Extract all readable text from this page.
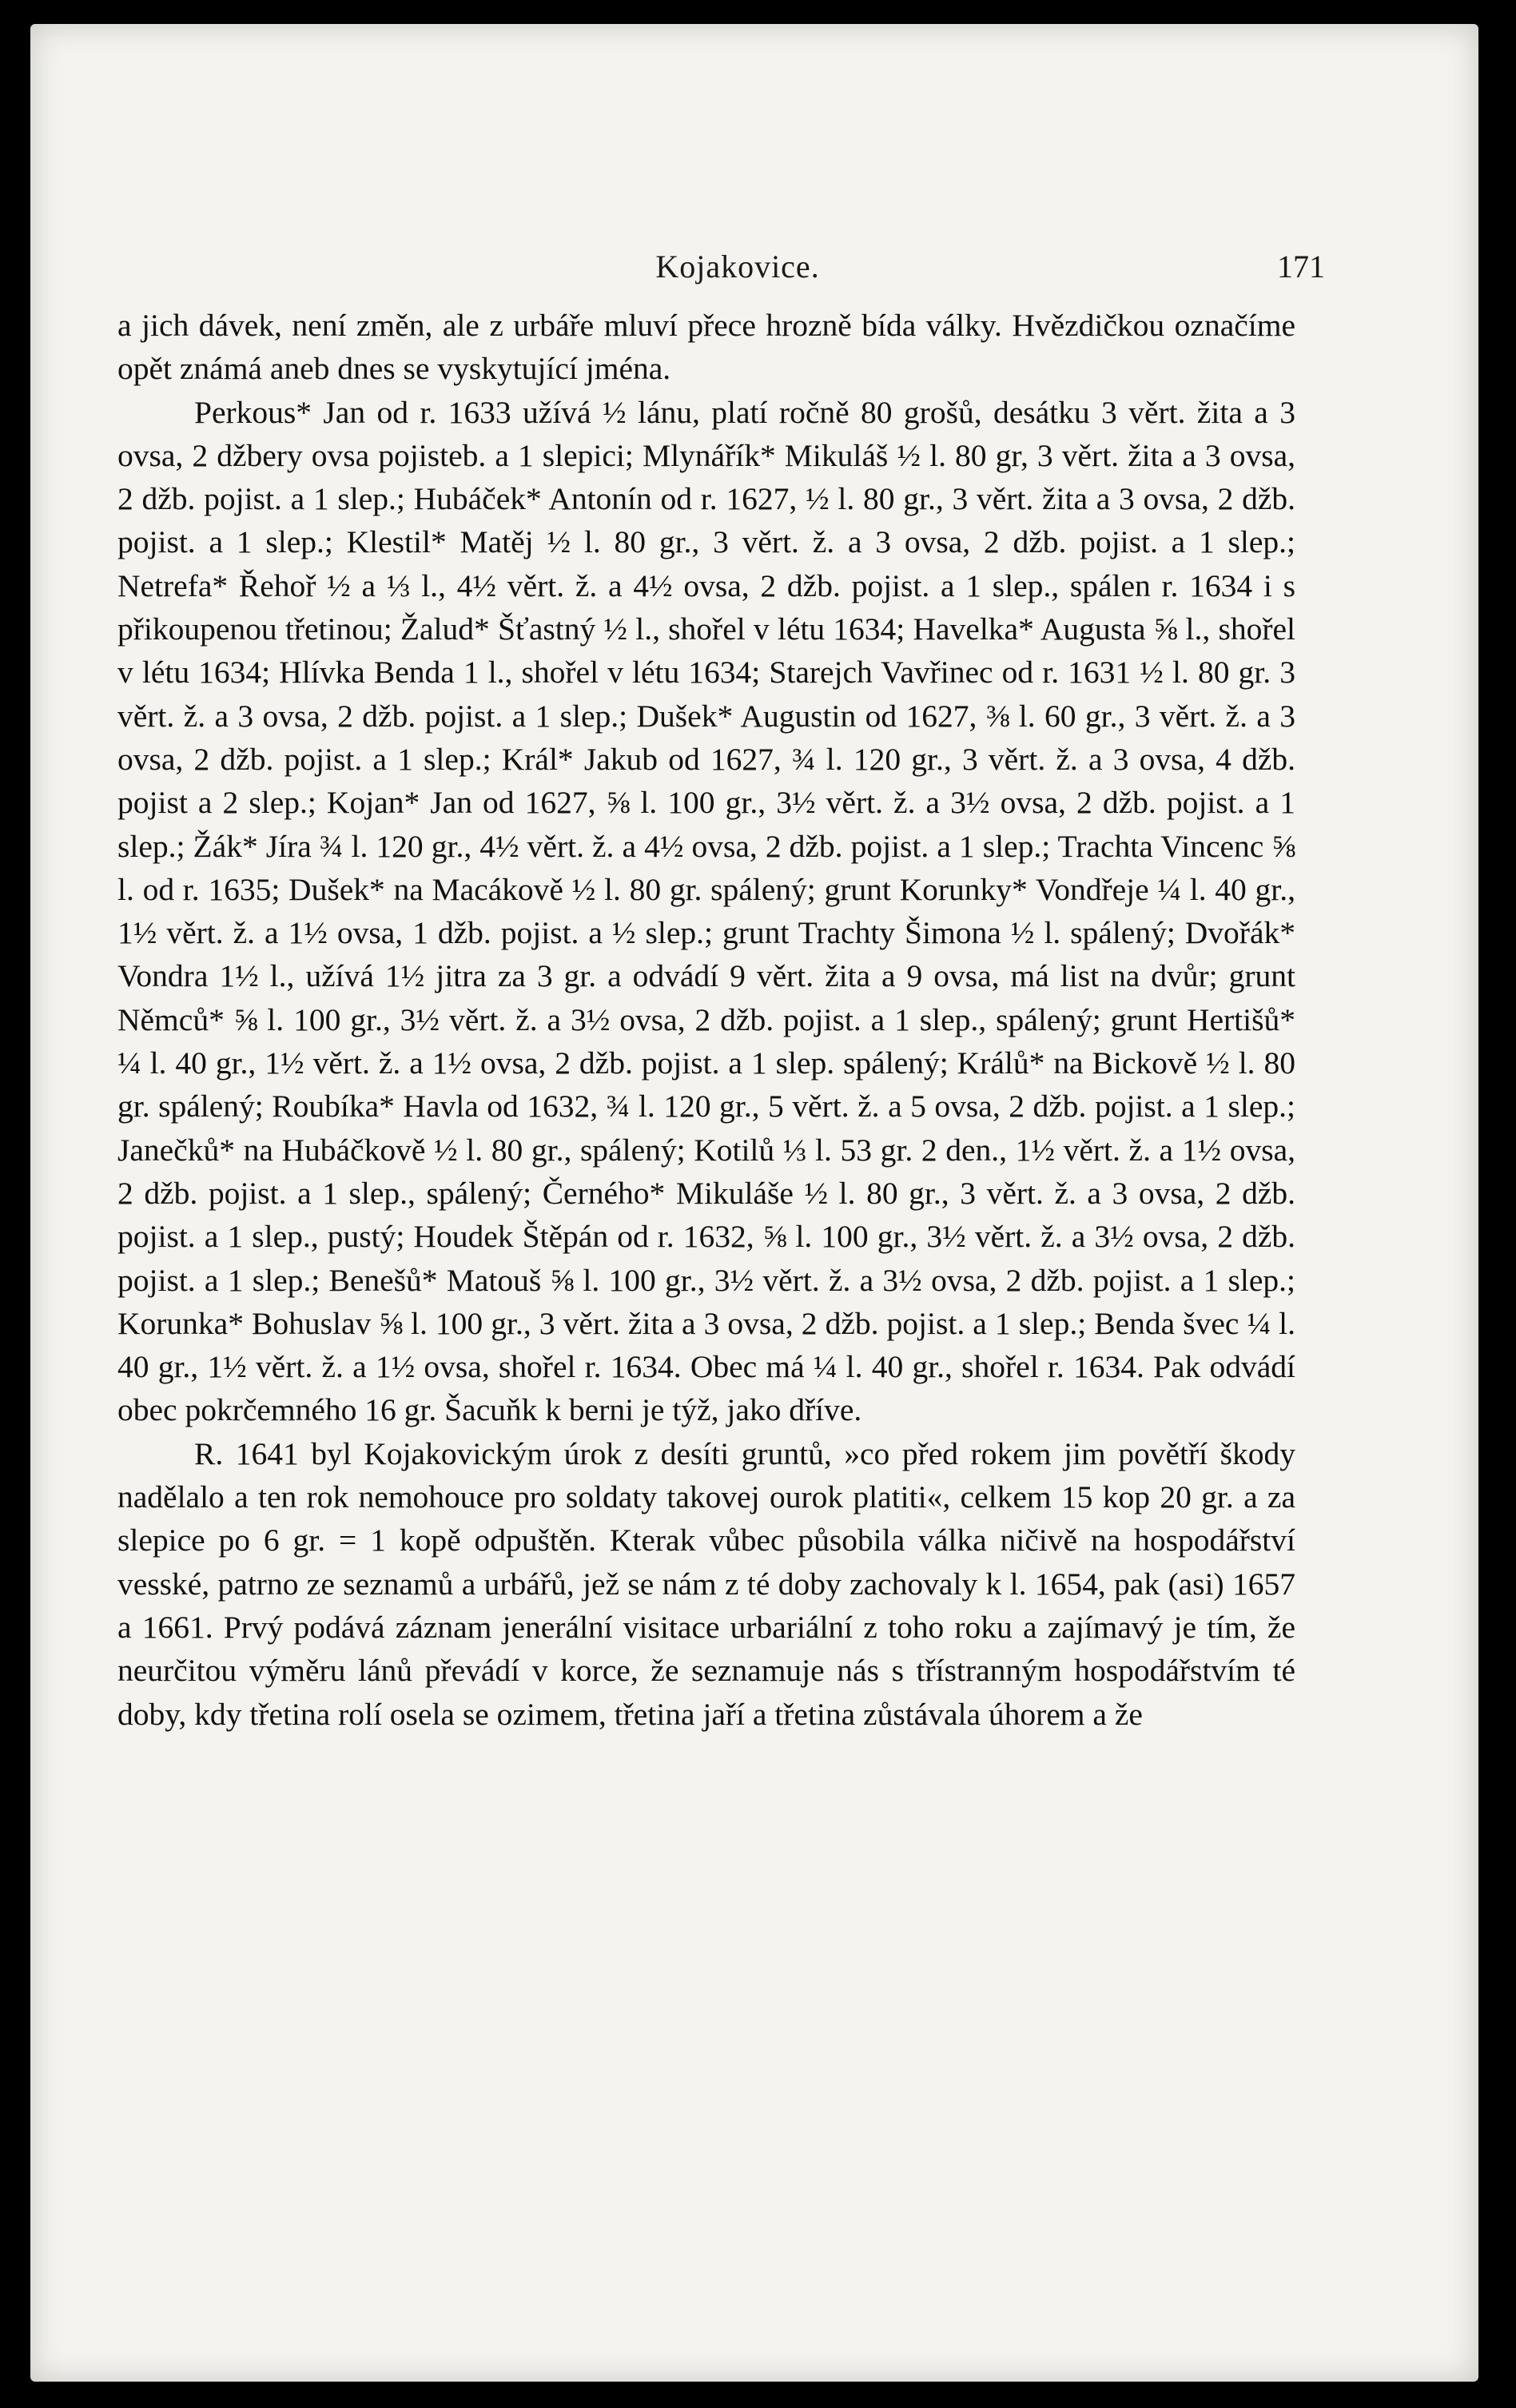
Kojakovice.	171

a jich dávek, není změn, ale z urbáře mluví přece hrozně bída války. Hvězdičkou označíme opět známá aneb dnes se vyskytující jména.

Perkous* Jan od r. 1633 užívá ½ lánu, platí ročně 80 grošů, desátku 3 věrt. žita a 3 ovsa, 2 džbery ovsa pojisteb. a 1 slepici; Mlynářík* Mikuláš ½ l. 80 gr, 3 věrt. žita a 3 ovsa, 2 džb. pojist. a 1 slep.; Hubáček* Antonín od r. 1627, ½ l. 80 gr., 3 věrt. žita a 3 ovsa, 2 džb. pojist. a 1 slep.; Klestil* Matěj ½ l. 80 gr., 3 věrt. ž. a 3 ovsa, 2 džb. pojist. a 1 slep.; Netrefa* Řehoř ½ a ⅓ l., 4½ věrt. ž. a 4½ ovsa, 2 džb. pojist. a 1 slep., spálen r. 1634 i s přikoupenou třetinou; Žalud* Šťastný ½ l., shořel v létu 1634; Havelka* Augusta ⅝ l., shořel v létu 1634; Hlívka Benda 1 l., shořel v létu 1634; Starejch Vavřinec od r. 1631 ½ l. 80 gr. 3 věrt. ž. a 3 ovsa, 2 džb. pojist. a 1 slep.; Dušek* Augustin od 1627, ⅜ l. 60 gr., 3 věrt. ž. a 3 ovsa, 2 džb. pojist. a 1 slep.; Král* Jakub od 1627, ¾ l. 120 gr., 3 věrt. ž. a 3 ovsa, 4 džb. pojist a 2 slep.; Kojan* Jan od 1627, ⅝ l. 100 gr., 3½ věrt. ž. a 3½ ovsa, 2 džb. pojist. a 1 slep.; Žák* Jíra ¾ l. 120 gr., 4½ věrt. ž. a 4½ ovsa, 2 džb. pojist. a 1 slep.; Trachta Vincenc ⅝ l. od r. 1635; Dušek* na Macákově ½ l. 80 gr. spálený; grunt Korunky* Vondřeje ¼ l. 40 gr., 1½ věrt. ž. a 1½ ovsa, 1 džb. pojist. a ½ slep.; grunt Trachty Šimona ½ l. spálený; Dvořák* Vondra 1½ l., užívá 1½ jitra za 3 gr. a odvádí 9 věrt. žita a 9 ovsa, má list na dvůr; grunt Němců* ⅝ l. 100 gr., 3½ věrt. ž. a 3½ ovsa, 2 džb. pojist. a 1 slep., spálený; grunt Hertišů* ¼ l. 40 gr., 1½ věrt. ž. a 1½ ovsa, 2 džb. pojist. a 1 slep. spálený; Králů* na Bickově ½ l. 80 gr. spálený; Roubíka* Havla od 1632, ¾ l. 120 gr., 5 věrt. ž. a 5 ovsa, 2 džb. pojist. a 1 slep.; Janečků* na Hubáčkově ½ l. 80 gr., spálený; Kotilů ⅓ l. 53 gr. 2 den., 1½ věrt. ž. a 1½ ovsa, 2 džb. pojist. a 1 slep., spálený; Černého* Mikuláše ½ l. 80 gr., 3 věrt. ž. a 3 ovsa, 2 džb. pojist. a 1 slep., pustý; Houdek Štěpán od r. 1632, ⅝ l. 100 gr., 3½ věrt. ž. a 3½ ovsa, 2 džb. pojist. a 1 slep.; Benešů* Matouš ⅝ l. 100 gr., 3½ věrt. ž. a 3½ ovsa, 2 džb. pojist. a 1 slep.; Korunka* Bohuslav ⅝ l. 100 gr., 3 věrt. žita a 3 ovsa, 2 džb. pojist. a 1 slep.; Benda švec ¼ l. 40 gr., 1½ věrt. ž. a 1½ ovsa, shořel r. 1634. Obec má ¼ l. 40 gr., shořel r. 1634. Pak odvádí obec pokrčemného 16 gr. Šacuňk k berni je týž, jako dříve.

R. 1641 byl Kojakovickým úrok z desíti gruntů, »co před rokem jim povětří škody nadělalo a ten rok nemohouce pro soldaty takovej ourok platiti«, celkem 15 kop 20 gr. a za slepice po 6 gr. = 1 kopě odpuštěn. Kterak vůbec působila válka ničivě na hospodářství vesské, patrno ze seznamů a urbářů, jež se nám z té doby zachovaly k l. 1654, pak (asi) 1657 a 1661. Prvý podává záznam jenerální visitace urbariální z toho roku a zajímavý je tím, že neurčitou výměru lánů převádí v korce, že seznamuje nás s třístranným hospodářstvím té doby, kdy třetina rolí osela se ozimem, třetina jaří a třetina zůstávala úhorem a že
